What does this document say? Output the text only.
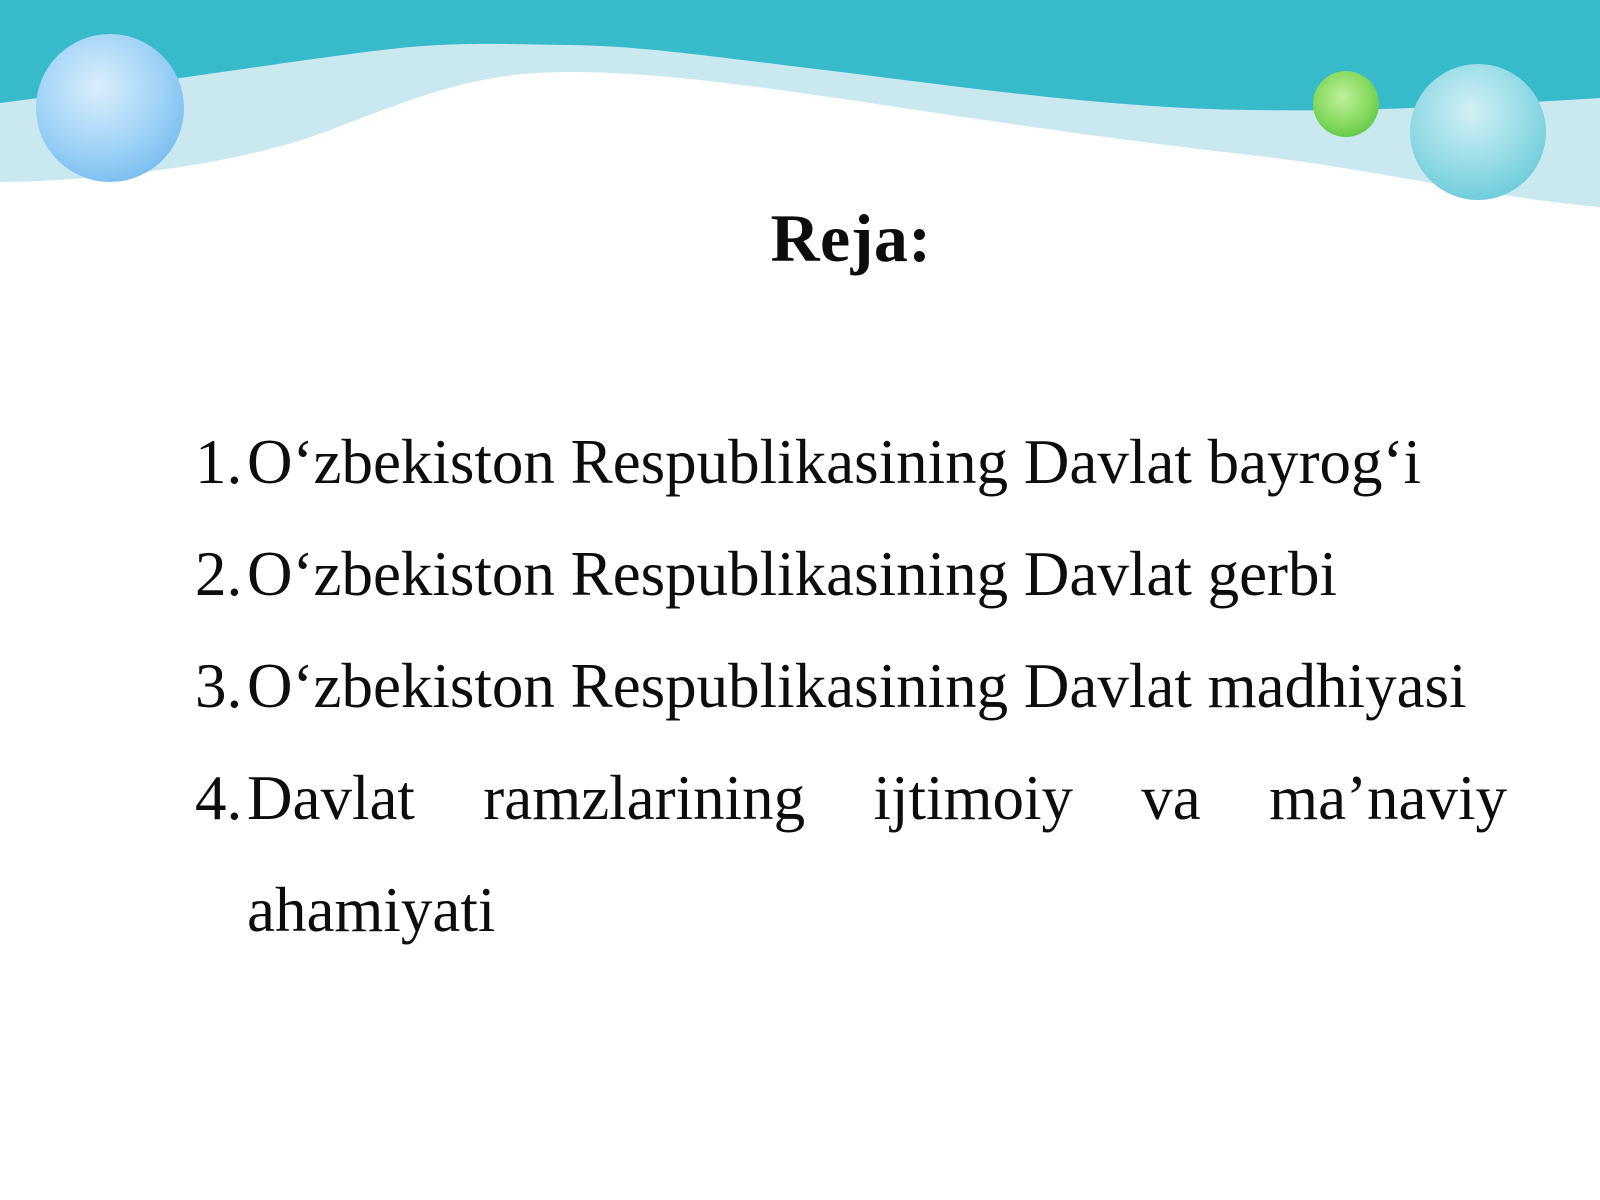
Reja:

1.O‘zbekiston Respublikasining Davlat bayrog‘i

2.O‘zbekiston Respublikasining Davlat gerbi

3.O‘zbekiston Respublikasining Davlat madhiyasi

4.Davlat ramzlarining ijtimoiy va ma’naviy ahamiyati
